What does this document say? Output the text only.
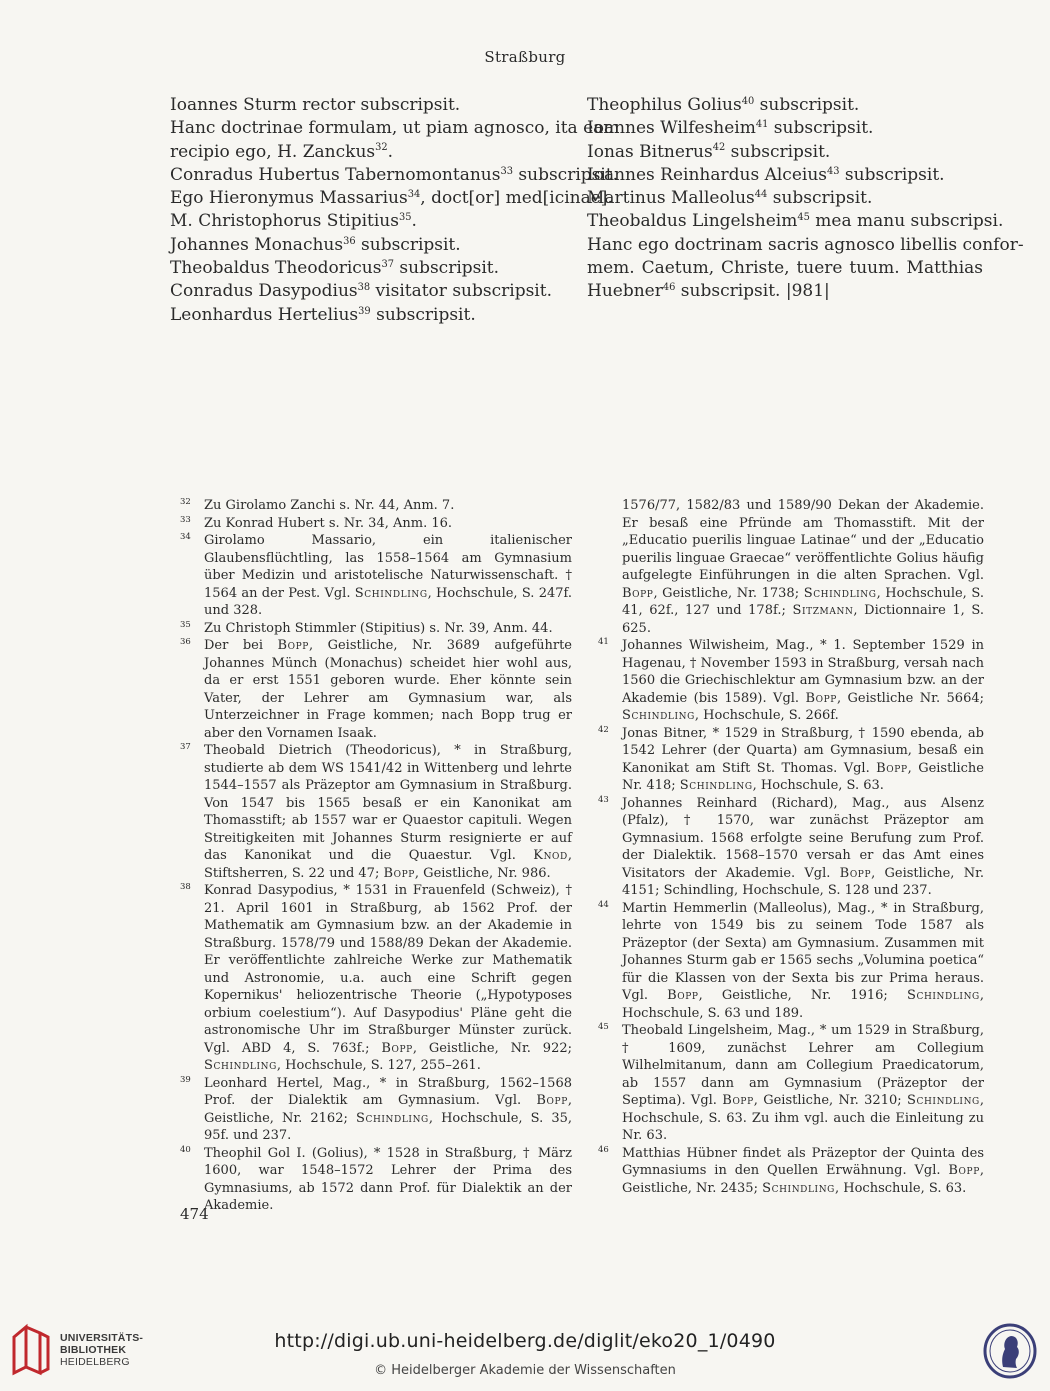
Straßburg
Ioannes Sturm rector subscripsit.
Hanc doctrinae formulam, ut piam agnosco, ita eam
recipio ego, H. Zanckus$^{32}$.
Conradus Hubertus Tabernomontanus$^{33}$ subscripsit.
Ego Hieronymus Massarius$^{34}$, doct[or] med[icinae].
M. Christophorus Stipitius$^{35}$.
Johannes Monachus$^{36}$ subscripsit.
Theobaldus Theodoricus$^{37}$ subscripsit.
Conradus Dasypodius$^{38}$ visitator subscripsit.
Leonhardus Hertelius$^{39}$ subscripsit.
Theophilus Golius$^{40}$ subscripsit.
Ioannes Wilfesheim$^{41}$ subscripsit.
Ionas Bitnerus$^{42}$ subscripsit.
Ioannes Reinhardus Alceius$^{43}$ subscripsit.
Martinus Malleolus$^{44}$ subscripsit.
Theobaldus Lingelsheim$^{45}$ mea manu subscripsi.
Hanc ego doctrinam sacris agnosco libellis confor-
mem. Caetum, Christe, tuere tuum. Matthias
Huebner$^{46}$ subscripsit. |981|
32 Zu Girolamo Zanchi s. Nr. 44, Anm. 7.
33 Zu Konrad Hubert s. Nr. 34, Anm. 16.
34 Girolamo Massario, ein italienischer Glaubensflüchtling, las 1558–1564 am Gymnasium über Medizin und aristotelische Naturwissenschaft. † 1564 an der Pest. Vgl. Schindling, Hochschule, S. 247f. und 328.
35 Zu Christoph Stimmler (Stipitius) s. Nr. 39, Anm. 44.
36 Der bei Bopp, Geistliche, Nr. 3689 aufgeführte Johannes Münch (Monachus) scheidet hier wohl aus, da er erst 1551 geboren wurde. Eher könnte sein Vater, der Lehrer am Gymnasium war, als Unterzeichner in Frage kommen; nach Bopp trug er aber den Vornamen Isaak.
37 Theobald Dietrich (Theodoricus), * in Straßburg, studierte ab dem WS 1541/42 in Wittenberg und lehrte 1544–1557 als Präzeptor am Gymnasium in Straßburg. Von 1547 bis 1565 besaß er ein Kanonikat am Thomasstift; ab 1557 war er Quaestor capituli. Wegen Streitigkeiten mit Johannes Sturm resignierte er auf das Kanonikat und die Quaestur. Vgl. Knod, Stiftsherren, S. 22 und 47; Bopp, Geistliche, Nr. 986.
38 Konrad Dasypodius, * 1531 in Frauenfeld (Schweiz), † 21. April 1601 in Straßburg, ab 1562 Prof. der Mathematik am Gymnasium bzw. an der Akademie in Straßburg. 1578/79 und 1588/89 Dekan der Akademie. Er veröffentlichte zahlreiche Werke zur Mathematik und Astronomie, u.a. auch eine Schrift gegen Kopernikus' heliozentrische Theorie („Hypotyposes orbium coelestium“). Auf Dasypodius' Pläne geht die astronomische Uhr im Straßburger Münster zurück. Vgl. ABD 4, S. 763f.; Bopp, Geistliche, Nr. 922; Schindling, Hochschule, S. 127, 255–261.
39 Leonhard Hertel, Mag., * in Straßburg, 1562–1568 Prof. der Dialektik am Gymnasium. Vgl. Bopp, Geistliche, Nr. 2162; Schindling, Hochschule, S. 35, 95f. und 237.
40 Theophil Gol I. (Golius), * 1528 in Straßburg, † März 1600, war 1548–1572 Lehrer der Prima des Gymnasiums, ab 1572 dann Prof. für Dialektik an der Akademie.
1576/77, 1582/83 und 1589/90 Dekan der Akademie. Er besaß eine Pfründe am Thomasstift. Mit der „Educatio puerilis linguae Latinae“ und der „Educatio puerilis linguae Graecae“ veröffentlichte Golius häufig aufgelegte Einführungen in die alten Sprachen. Vgl. Bopp, Geistliche, Nr. 1738; Schindling, Hochschule, S. 41, 62f., 127 und 178f.; Sitzmann, Dictionnaire 1, S. 625.
41 Johannes Wilwisheim, Mag., * 1. September 1529 in Hagenau, † November 1593 in Straßburg, versah nach 1560 die Griechischlektur am Gymnasium bzw. an der Akademie (bis 1589). Vgl. Bopp, Geistliche Nr. 5664; Schindling, Hochschule, S. 266f.
42 Jonas Bitner, * 1529 in Straßburg, † 1590 ebenda, ab 1542 Lehrer (der Quarta) am Gymnasium, besaß ein Kanonikat am Stift St. Thomas. Vgl. Bopp, Geistliche Nr. 418; Schindling, Hochschule, S. 63.
43 Johannes Reinhard (Richard), Mag., aus Alsenz (Pfalz), † 1570, war zunächst Präzeptor am Gymnasium. 1568 erfolgte seine Berufung zum Prof. der Dialektik. 1568–1570 versah er das Amt eines Visitators der Akademie. Vgl. Bopp, Geistliche, Nr. 4151; Schindling, Hochschule, S. 128 und 237.
44 Martin Hemmerlin (Malleolus), Mag., * in Straßburg, lehrte von 1549 bis zu seinem Tode 1587 als Präzeptor (der Sexta) am Gymnasium. Zusammen mit Johannes Sturm gab er 1565 sechs „Volumina poetica“ für die Klassen von der Sexta bis zur Prima heraus. Vgl. Bopp, Geistliche, Nr. 1916; Schindling, Hochschule, S. 63 und 189.
45 Theobald Lingelsheim, Mag., * um 1529 in Straßburg, † 1609, zunächst Lehrer am Collegium Wilhelmitanum, dann am Collegium Praedicatorum, ab 1557 dann am Gymnasium (Präzeptor der Septima). Vgl. Bopp, Geistliche, Nr. 3210; Schindling, Hochschule, S. 63. Zu ihm vgl. auch die Einleitung zu Nr. 63.
46 Matthias Hübner findet als Präzeptor der Quinta des Gymnasiums in den Quellen Erwähnung. Vgl. Bopp, Geistliche, Nr. 2435; Schindling, Hochschule, S. 63.
474
UNIVERSITÄTS-
BIBLIOTHEK
HEIDELBERG
http://digi.ub.uni-heidelberg.de/diglit/eko20_1/0490
© Heidelberger Akademie der Wissenschaften
